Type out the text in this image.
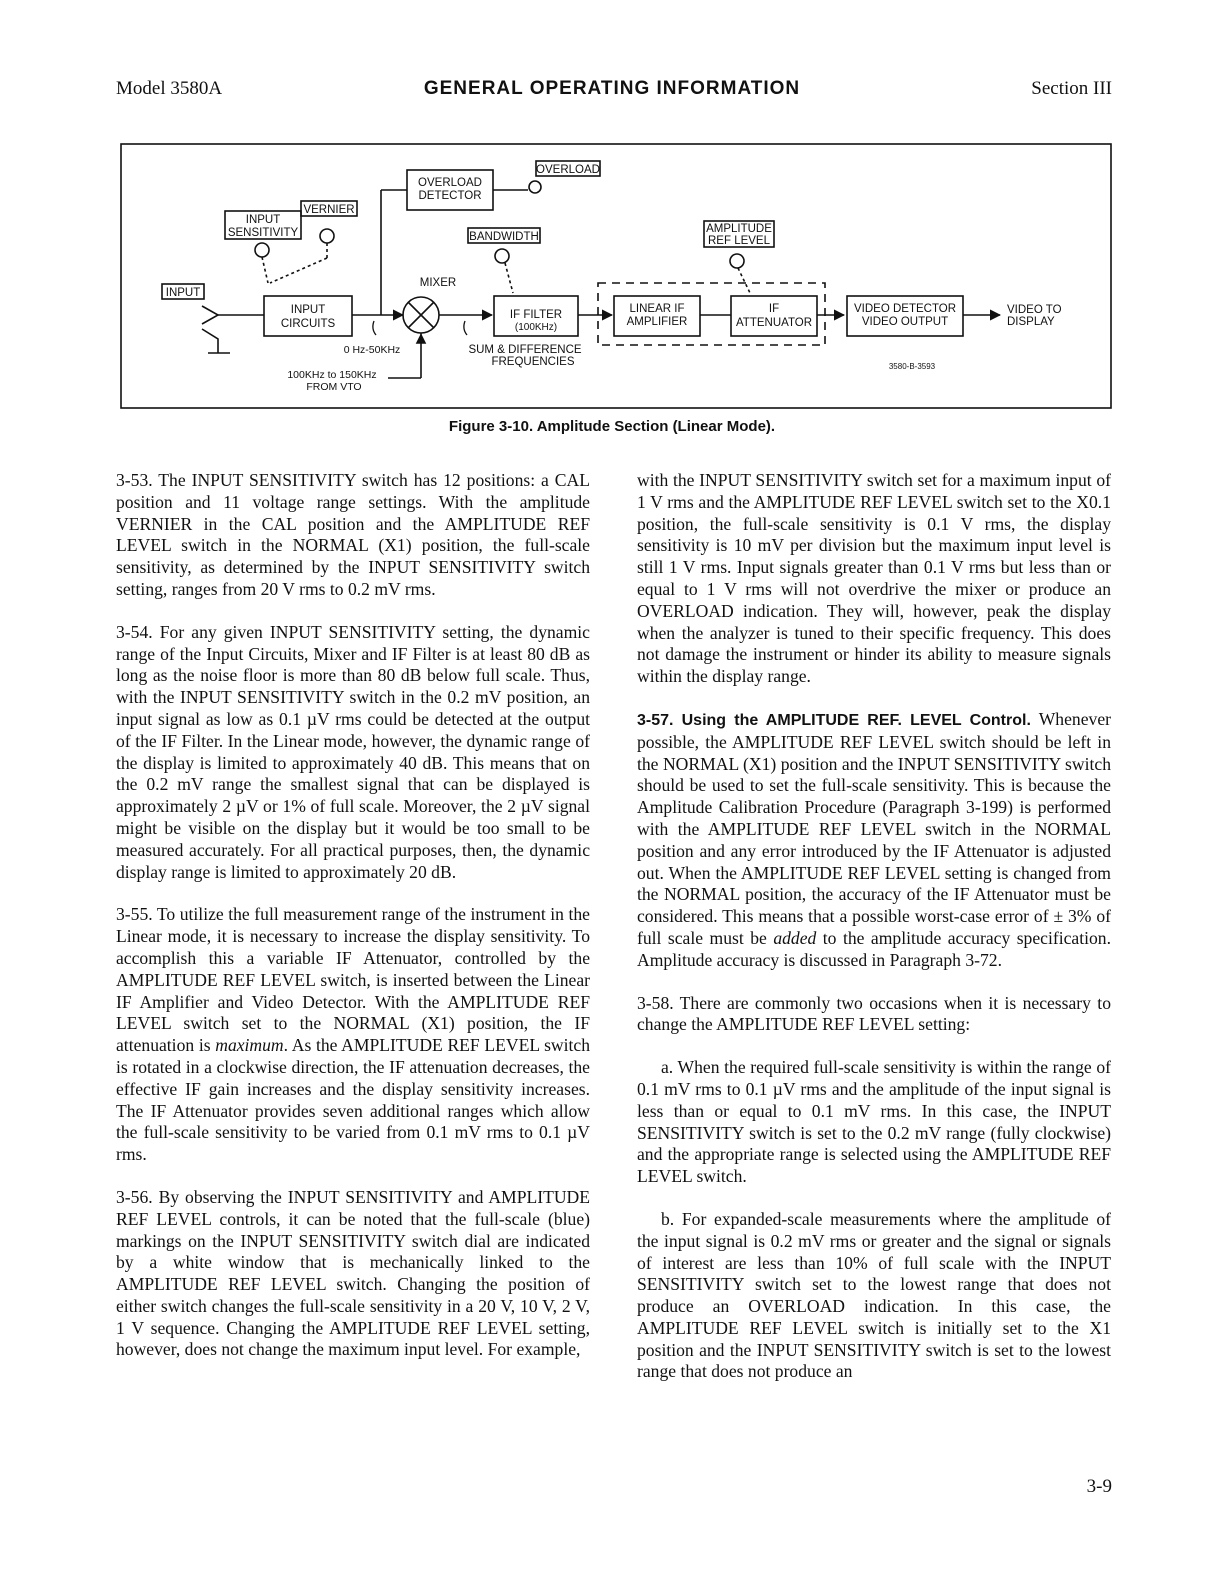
Model 3580A	GENERAL OPERATING INFORMATION	Section III
OVERLOAD
DETECTOR
OVERLOAD
VERNIER
INPUT
SENSITIVITY	BANDWIDTH
AMPLITUDE
REF LEVEL
INPUT
MIXER
INPUT
CIRCUITS
IF FILTER
(100KHz)
LINEAR IF
AMPLIFIER
IF
ATTENUATOR
VIDEO DETECTOR
VIDEO OUTPUT
VIDEO TO
DISPLAY
0 Hz-50KHz	SUM & DIFFERENCE
FREQUENCIES
100KHz to 150KHz
FROM VTO
3580-B-3593
Figure 3-10. Amplitude Section (Linear Mode).

3-53. The INPUT SENSITIVITY switch has 12 positions: a CAL position and 11 voltage range settings. With the amplitude VERNIER in the CAL position and the AMPLITUDE REF LEVEL switch in the NORMAL (X1) position, the full-scale sensitivity, as determined by the INPUT SENSITIVITY switch setting, ranges from 20 V rms to 0.2 mV rms.

3-54. For any given INPUT SENSITIVITY setting, the dynamic range of the Input Circuits, Mixer and IF Filter is at least 80 dB as long as the noise floor is more than 80 dB below full scale. Thus, with the INPUT SENSITIVITY switch in the 0.2 mV position, an input signal as low as 0.1 µV rms could be detected at the output of the IF Filter. In the Linear mode, however, the dynamic range of the display is limited to approximately 40 dB. This means that on the 0.2 mV range the smallest signal that can be displayed is approximately 2 µV or 1% of full scale. Moreover, the 2 µV signal might be visible on the display but it would be too small to be measured accurately. For all practical purposes, then, the dynamic display range is limited to approximately 20 dB.

3-55. To utilize the full measurement range of the instrument in the Linear mode, it is necessary to increase the display sensitivity. To accomplish this a variable IF Attenuator, controlled by the AMPLITUDE REF LEVEL switch, is inserted between the Linear IF Amplifier and Video Detector. With the AMPLITUDE REF LEVEL switch set to the NORMAL (X1) position, the IF attenuation is maximum. As the AMPLITUDE REF LEVEL switch is rotated in a clockwise direction, the IF attenuation decreases, the effective IF gain increases and the display sensitivity increases. The IF Attenuator provides seven additional ranges which allow the full-scale sensitivity to be varied from 0.1 mV rms to 0.1 µV rms.

3-56. By observing the INPUT SENSITIVITY and AMPLITUDE REF LEVEL controls, it can be noted that the full-scale (blue) markings on the INPUT SENSITIVITY switch dial are indicated by a white window that is mechanically linked to the AMPLITUDE REF LEVEL switch. Changing the position of either switch changes the full-scale sensitivity in a 20 V, 10 V, 2 V, 1 V sequence. Changing the AMPLITUDE REF LEVEL setting, however, does not change the maximum input level. For example,

with the INPUT SENSITIVITY switch set for a maximum input of 1 V rms and the AMPLITUDE REF LEVEL switch set to the X0.1 position, the full-scale sensitivity is 0.1 V rms, the display sensitivity is 10 mV per division but the maximum input level is still 1 V rms. Input signals greater than 0.1 V rms but less than or equal to 1 V rms will not overdrive the mixer or produce an OVERLOAD indication. They will, however, peak the display when the analyzer is tuned to their specific frequency. This does not damage the instrument or hinder its ability to measure signals within the display range.

3-57. Using the AMPLITUDE REF. LEVEL Control. Whenever possible, the AMPLITUDE REF LEVEL switch should be left in the NORMAL (X1) position and the INPUT SENSITIVITY switch should be used to set the full-scale sensitivity. This is because the Amplitude Calibration Procedure (Paragraph 3-199) is performed with the AMPLITUDE REF LEVEL switch in the NORMAL position and any error introduced by the IF Attenuator is adjusted out. When the AMPLITUDE REF LEVEL setting is changed from the NORMAL position, the accuracy of the IF Attenuator must be considered. This means that a possible worst-case error of ± 3% of full scale must be added to the amplitude accuracy specification. Amplitude accuracy is discussed in Paragraph 3-72.

3-58. There are commonly two occasions when it is necessary to change the AMPLITUDE REF LEVEL setting:

a. When the required full-scale sensitivity is within the range of 0.1 mV rms to 0.1 µV rms and the amplitude of the input signal is less than or equal to 0.1 mV rms. In this case, the INPUT SENSITIVITY switch is set to the 0.2 mV range (fully clockwise) and the appropriate range is selected using the AMPLITUDE REF LEVEL switch.

b. For expanded-scale measurements where the amplitude of the input signal is 0.2 mV rms or greater and the signal or signals of interest are less than 10% of full scale with the INPUT SENSITIVITY switch set to the lowest range that does not produce an OVERLOAD indication. In this case, the AMPLITUDE REF LEVEL switch is initially set to the X1 position and the INPUT SENSITIVITY switch is set to the lowest range that does not produce an

3-9
